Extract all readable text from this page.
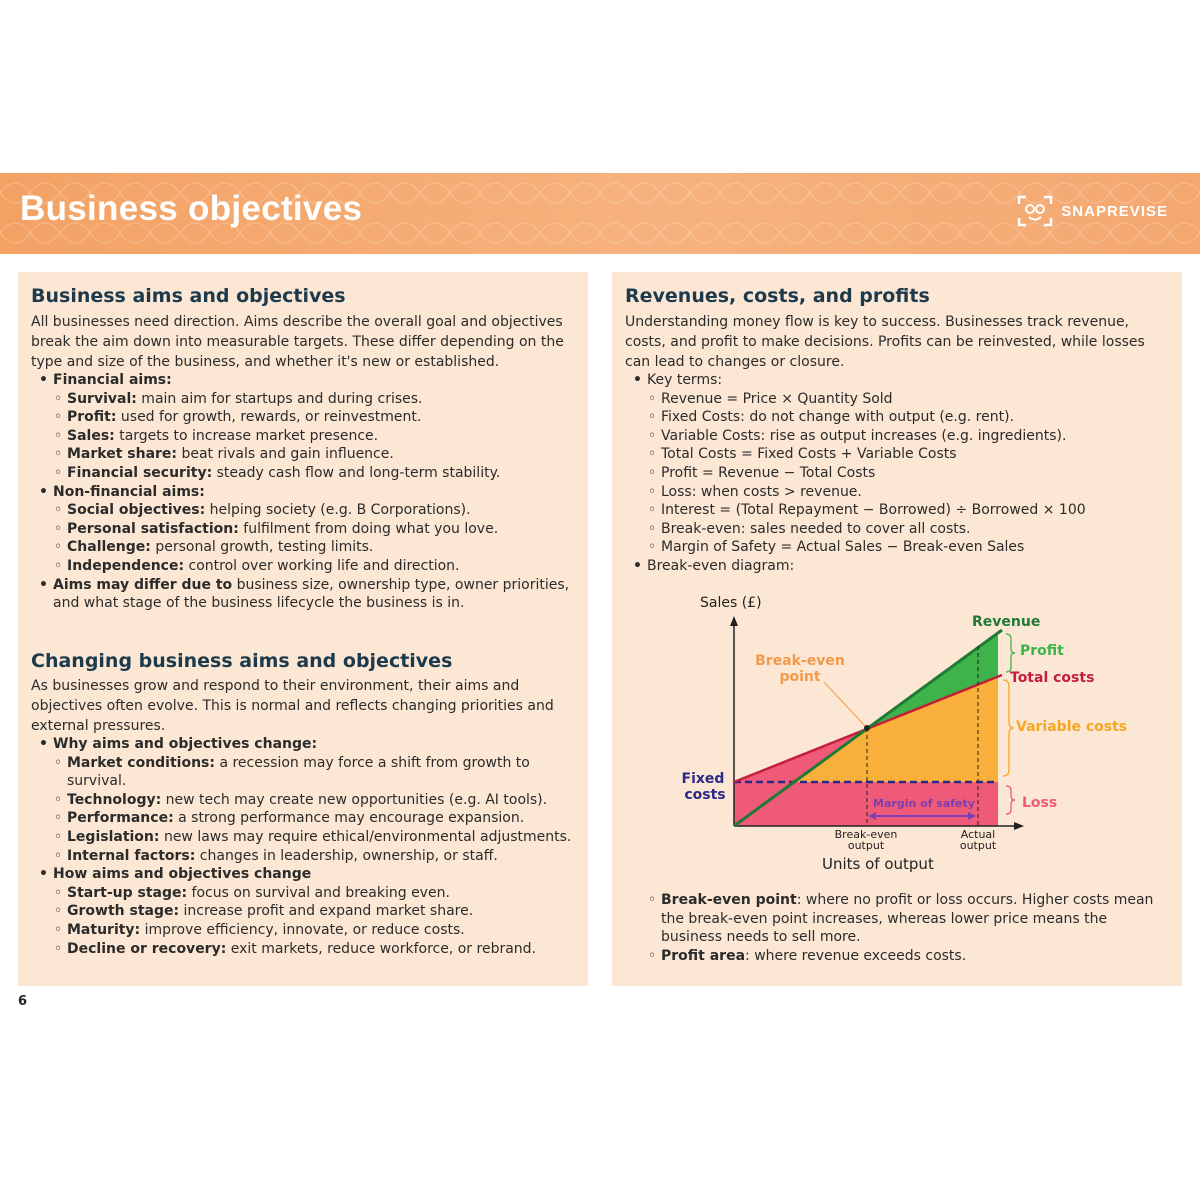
Business objectives	SNAPREVISE
Business aims and objectives
All businesses need direction. Aims describe the overall goal and objectives break the aim down into measurable targets. These differ depending on the type and size of the business, and whether it's new or established.
• Financial aims:
◦ Survival: main aim for startups and during crises.
◦ Profit: used for growth, rewards, or reinvestment.
◦ Sales: targets to increase market presence.
◦ Market share: beat rivals and gain influence.
◦ Financial security: steady cash flow and long-term stability.
• Non-financial aims:
◦ Social objectives: helping society (e.g. B Corporations).
◦ Personal satisfaction: fulfilment from doing what you love.
◦ Challenge: personal growth, testing limits.
◦ Independence: control over working life and direction.
• Aims may differ due to business size, ownership type, owner priorities, and what stage of the business lifecycle the business is in.
Changing business aims and objectives
As businesses grow and respond to their environment, their aims and objectives often evolve. This is normal and reflects changing priorities and external pressures.
• Why aims and objectives change:
◦ Market conditions: a recession may force a shift from growth to survival.
◦ Technology: new tech may create new opportunities (e.g. AI tools).
◦ Performance: a strong performance may encourage expansion.
◦ Legislation: new laws may require ethical/environmental adjustments.
◦ Internal factors: changes in leadership, ownership, or staff.
• How aims and objectives change
◦ Start-up stage: focus on survival and breaking even.
◦ Growth stage: increase profit and expand market share.
◦ Maturity: improve efficiency, innovate, or reduce costs.
◦ Decline or recovery: exit markets, reduce workforce, or rebrand.
Revenues, costs, and profits
Understanding money flow is key to success. Businesses track revenue, costs, and profit to make decisions. Profits can be reinvested, while losses can lead to changes or closure.
• Key terms:
◦ Revenue = Price × Quantity Sold
◦ Fixed Costs: do not change with output (e.g. rent).
◦ Variable Costs: rise as output increases (e.g. ingredients).
◦ Total Costs = Fixed Costs + Variable Costs
◦ Profit = Revenue − Total Costs
◦ Loss: when costs > revenue.
◦ Interest = (Total Repayment − Borrowed) ÷ Borrowed × 100
◦ Break-even: sales needed to cover all costs.
◦ Margin of Safety = Actual Sales − Break-even Sales
• Break-even diagram:
Sales (£)
Units of output
Revenue
Profit
Total costs
Variable costs
Loss
Fixed
costs
Break-even
point
Margin of safety
Break-even
output
Actual
output
◦ Break-even point: where no profit or loss occurs. Higher costs mean the break-even point increases, whereas lower price means the business needs to sell more.
◦ Profit area: where revenue exceeds costs.
6
